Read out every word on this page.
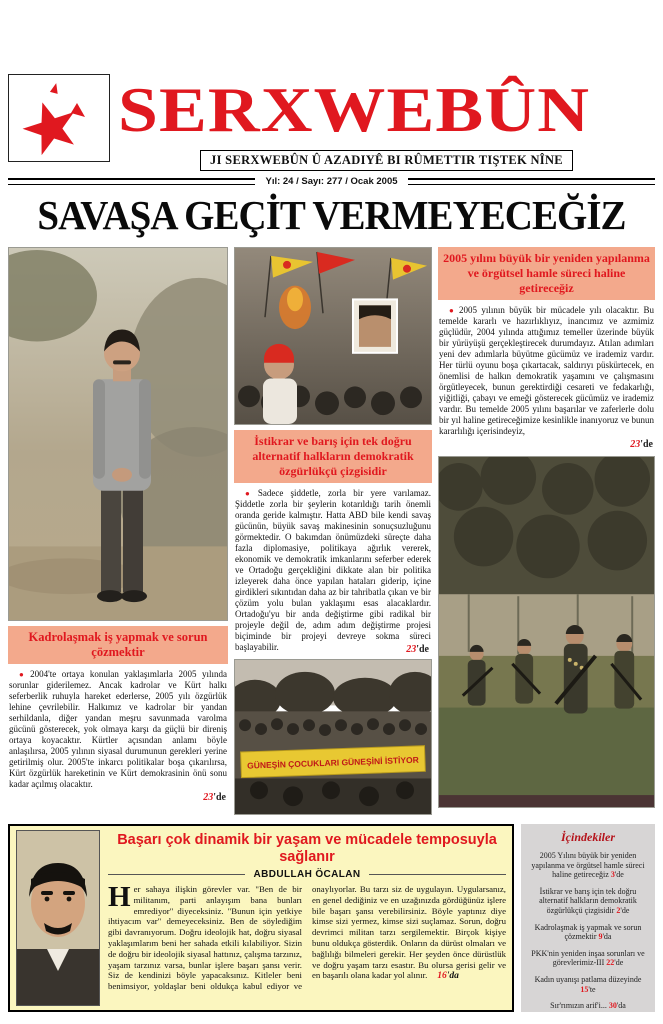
SERXWEBÛN
JI SERXWEBÛN Û AZADIYÊ BI RÛMETTIR TIŞTEK NÎNE
Yıl: 24 / Sayı: 277 / Ocak 2005
SAVAŞA GEÇİT VERMEYECEĞİZ
Kadrolaşmak iş yapmak ve sorun çözmektir

● 2004'te ortaya konulan yaklaşımlarla 2005 yılında sorunlar giderilemez. Ancak kadrolar ve Kürt halkı seferberlik ruhuyla hareket ederlerse, 2005 yılı özgürlük lehine çevrilebilir. Halkımız ve kadrolar bir yandan serhildanla, diğer yandan meşru savunmada varolma gücünü gösterecek, yok olmaya karşı da güçlü bir direniş ortaya koyacaktır. Kürtler açısından anlamı böyle anlaşılırsa, 2005 yılının siyasal durumunun gerekleri yerine getirilmiş olur. 2005'te inkarcı politikalar boşa çıkarılırsa, Kürt özgürlük hareketinin ve Kürt demokrasinin önü sonu kadar açılmış olacaktır.

23'de
İstikrar ve barış için tek doğru alternatif halkların demokratik özgürlükçü çizgisidir

● Sadece şiddetle, zorla bir yere varılamaz. Şiddetle zorla bir şeylerin kotarıldığı tarih önemli oranda geride kalmıştır. Hatta ABD bile kendi savaş gücünün, büyük savaş makinesinin sonuçsuzluğunu görmektedir. O bakımdan önümüzdeki süreçte daha fazla diplomasiye, politikaya ağırlık vererek, ekonomik ve demokratik imkanlarını seferber ederek ve Ortadoğu gerçekliğini dikkate alan bir politika izleyerek daha önce yapılan hataları giderip, içine girdikleri sıkıntıdan daha az bir tahribatla çıkan ve bir çözüm yolu bulan yaklaşımı esas alacaklardır. Ortadoğu'yu bir anda değiştirme gibi radikal bir projeyle değil de, adım adım değiştirme projesi biçiminde bir projeyi devreye sokma süreci başlayabilir.	23'de

GÜNEŞİN ÇOCUKLARI GÜNEŞİNİ İSTİYOR
2005 yılını büyük bir yeniden yapılanma ve örgütsel hamle süreci haline getireceğiz

● 2005 yılının büyük bir mücadele yılı olacaktır. Bu temelde kararlı ve hazırlıklıyız, inancımız ve azmimiz güçlüdür, 2004 yılında attığımız temeller üzerinde büyük bir yürüyüşü gerçekleştirecek durumdayız. Atılan adımları yeni dev adımlarla büyütme gücümüz ve irademiz vardır. Her türlü oyunu boşa çıkartacak, saldırıyı püskürtecek, en önemlisi de halkın demokratik yaşamını ve çalışmasını örgütleyecek, bunun gerektirdiği cesareti ve fedakarlığı, yiğitliği, çabayı ve emeği gösterecek gücümüz ve irademiz vardır. Bu temelde 2005 yılını başarılar ve zaferlerle dolu bir yıl haline getireceğimize kesinlikle inanıyoruz ve bunun kararlılığı içerisindeyiz,

23'de
Başarı çok dinamik bir yaşam ve mücadele temposuyla sağlanır
ABDULLAH ÖCALAN
Her sahaya ilişkin görevler var. "Ben de bir militanım, parti anlayışım bana bunları emrediyor" diyeceksiniz. "Bunun için yetkiye ihtiyacım var" demeyeceksiniz. Ben de söylediğim gibi davranıyorum. Doğru ideolojik hat, doğru siyasal yaklaşımlarım beni her sahada etkili kılabiliyor. Sizin de doğru bir ideolojik siyasal hattınız, çalışma tarzınız, yaşam tarzınız varsa, bunlar işlere başarı şansı verir. Siz de kendinizi böyle yapacaksınız. Kitleler beni benimsiyor, yoldaşlar beni oldukça kabul ediyor ve onaylıyorlar. Bu tarzı siz de uygulayın. Uygularsanız, en genel dediğiniz ve en uzağınızda gördüğünüz işlere bile başarı şansı verebilirsiniz. Böyle yaptınız diye kimse sizi yermez, kimse sizi suçlamaz. Sorun, doğru devrimci militan tarzı sergilemektir. Birçok kişiye bunu oldukça gösterdik. Onların da dürüst olmaları ve bağlılığı bilmeleri gerekir. Her şeyden önce dürüstlük ve doğru yaşam tarzı esastır. Bu olursa gerisi gelir ve en başarılı olana kadar yol alınır. 16'da
İçindekiler
2005 Yılını büyük bir yeniden yapılanma ve örgütsel hamle süreci haline getireceğiz 3'de
İstikrar ve barış için tek doğru alternatif halkların demokratik özgürlükçü çizgisidir 2'de
Kadrolaşmak iş yapmak ve sorun çözmektir 9'da
PKK'nin yeniden inşaa sorunları ve görevlerimiz-III 22'de
Kadın uyanışı patlama düzeyinde 15'te
Sır'rımızın arif'i... 30'da
